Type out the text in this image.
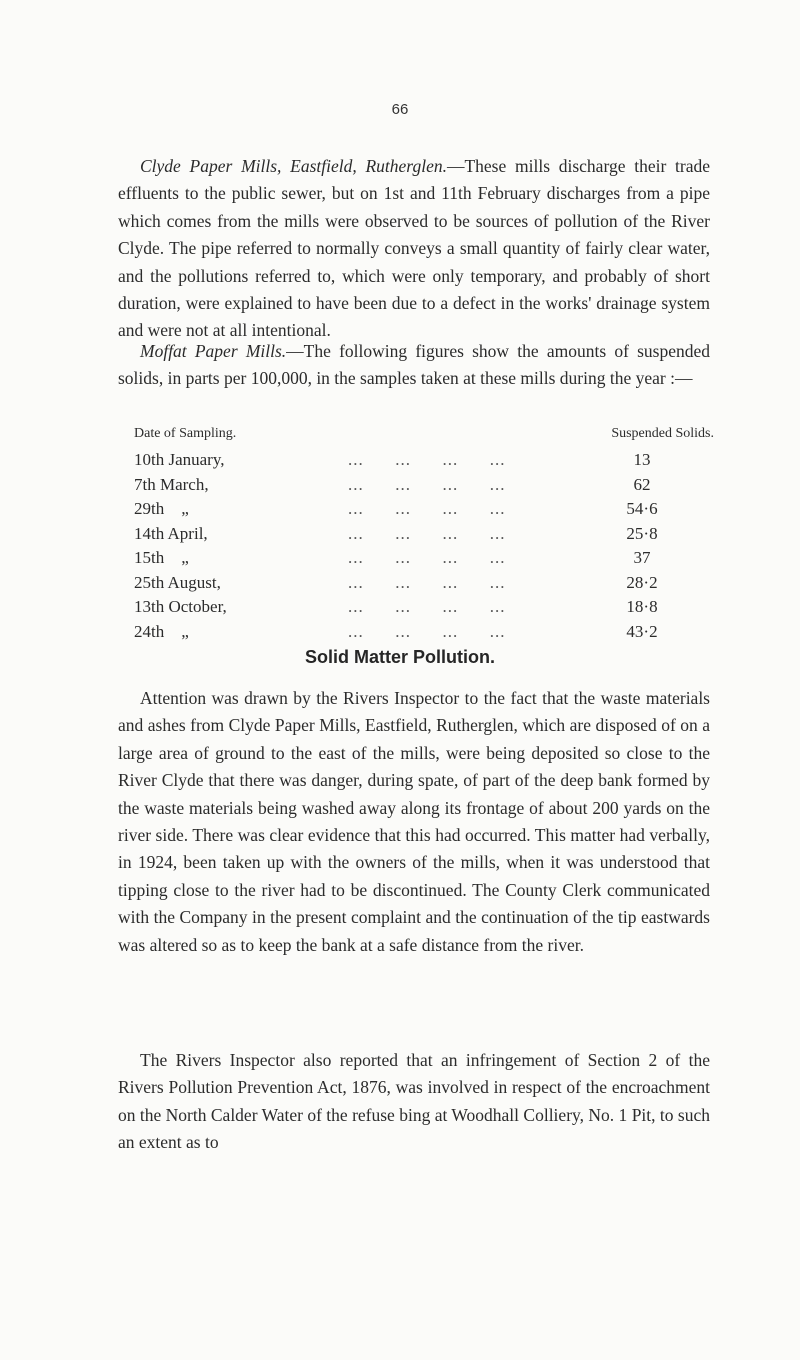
66

Clyde Paper Mills, Eastfield, Rutherglen.—These mills discharge their trade effluents to the public sewer, but on 1st and 11th February discharges from a pipe which comes from the mills were observed to be sources of pollution of the River Clyde. The pipe referred to normally conveys a small quantity of fairly clear water, and the pollutions referred to, which were only temporary, and probably of short duration, were explained to have been due to a defect in the works' drainage system and were not at all intentional.

Moffat Paper Mills.—The following figures show the amounts of suspended solids, in parts per 100,000, in the samples taken at these mills during the year :—

Date of Sampling.	Suspended Solids.
10th January,	...      ...      ...      ...	13
7th March,	...      ...      ...      ...	62
29th    „	...      ...      ...      ...	54·6
14th April,	...      ...      ...      ...	25·8
15th    „	...      ...      ...      ...	37
25th August,	...      ...      ...      ...	28·2
13th October,	...      ...      ...      ...	18·8
24th    „	...      ...      ...      ...	43·2
Solid Matter Pollution.

Attention was drawn by the Rivers Inspector to the fact that the waste materials and ashes from Clyde Paper Mills, Eastfield, Rutherglen, which are disposed of on a large area of ground to the east of the mills, were being deposited so close to the River Clyde that there was danger, during spate, of part of the deep bank formed by the waste materials being washed away along its frontage of about 200 yards on the river side. There was clear evidence that this had occurred. This matter had verbally, in 1924, been taken up with the owners of the mills, when it was understood that tipping close to the river had to be discontinued. The County Clerk communicated with the Company in the present complaint and the continuation of the tip eastwards was altered so as to keep the bank at a safe distance from the river.

The Rivers Inspector also reported that an infringement of Section 2 of the Rivers Pollution Prevention Act, 1876, was involved in respect of the encroachment on the North Calder Water of the refuse bing at Woodhall Colliery, No. 1 Pit, to such an extent as to
